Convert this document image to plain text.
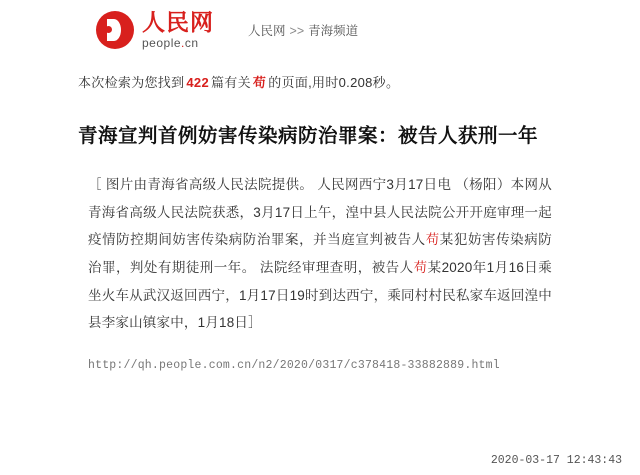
人民网
people.cn
人民网 >> 青海频道
本次检索为您找到 422 篇有关 苟 的页面,用时0.208秒。
青海宣判首例妨害传染病防治罪案：被告人获刑一年
［ 图片由青海省高级人民法院提供。 人民网西宁3月17日电 （杨阳）本网从青海省高级人民法院获悉，3月17日上午，湟中县人民法院公开开庭审理一起疫情防控期间妨害传染病防治罪案，并当庭宣判被告人苟某犯妨害传染病防治罪，判处有期徒刑一年。 法院经审理查明，被告人苟某2020年1月16日乘坐火车从武汉返回西宁，1月17日19时到达西宁，乘同村村民私家车返回湟中县李家山镇家中，1月18日］
http://qh.people.com.cn/n2/2020/0317/c378418-33882889.html
2020-03-17 12:43:43
